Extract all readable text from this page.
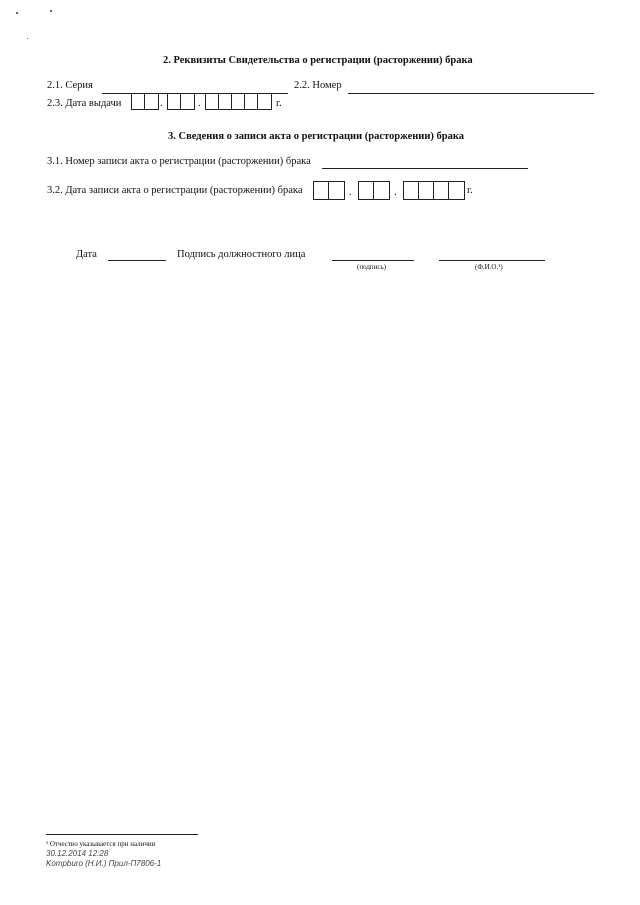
2. Реквизиты Свидетельства о регистрации (расторжении) брака
2.1. Серия	2.2. Номер
2.3. Дата выдачи	.	.	г.
3. Сведения о записи акта о регистрации (расторжении) брака
3.1. Номер записи акта о регистрации (расторжении) брака
3.2. Дата записи акта о регистрации (расторжении) брака	.	.	г.
Дата	Подпись должностного лица
(подпись)	(Ф.И.О.¹)
¹ Отчество указывается при наличии
30.12.2014 12:28
Kompburo (Н.И.) Прил-П7806-1
